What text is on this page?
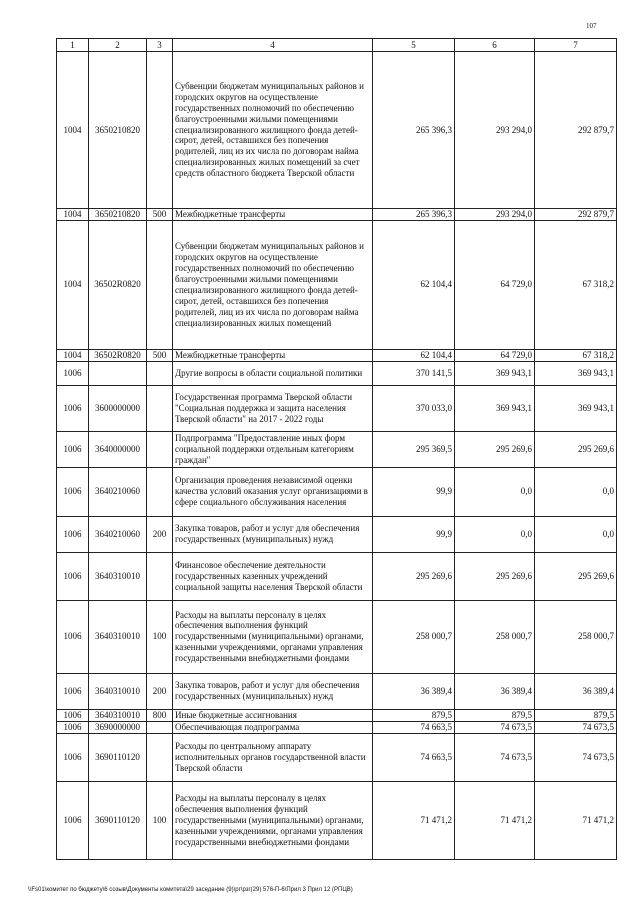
107
1	2	3	4	5	6	7
1004	3650210820		Субвенции бюджетам муниципальных районов и городских округов на осуществление государственных полномочий по обеспечению благоустроенными жилыми помещениями специализированного жилищного фонда детей-сирот, детей, оставшихся без попечения родителей, лиц из их числа по договорам найма специализированных жилых помещений за счет средств областного бюджета Тверской области	265 396,3	293 294,0	292 879,7
1004	3650210820	500	Межбюджетные трансферты	265 396,3	293 294,0	292 879,7
1004	36502R0820		Субвенции бюджетам муниципальных районов и городских округов на осуществление государственных полномочий по обеспечению благоустроенными жилыми помещениями специализированного жилищного фонда детей-сирот, детей, оставшихся без попечения родителей, лиц из их числа по договорам найма специализированных жилых помещений	62 104,4	64 729,0	67 318,2
1004	36502R0820	500	Межбюджетные трансферты	62 104,4	64 729,0	67 318,2
1006			Другие вопросы в области социальной политики	370 141,5	369 943,1	369 943,1
1006	3600000000		Государственная программа Тверской области "Социальная поддержка и защита населения Тверской области" на 2017 - 2022 годы	370 033,0	369 943,1	369 943,1
1006	3640000000		Подпрограмма "Предоставление иных форм социальной поддержки отдельным категориям граждан"	295 369,5	295 269,6	295 269,6
1006	3640210060		Организация проведения независимой оценки качества условий оказания услуг организациями в сфере социального обслуживания населения	99,9	0,0	0,0
1006	3640210060	200	Закупка товаров, работ и услуг для обеспечения государственных (муниципальных) нужд	99,9	0,0	0,0
1006	3640310010		Финансовое обеспечение деятельности государственных казенных учреждений социальной защиты населения Тверской области	295 269,6	295 269,6	295 269,6
1006	3640310010	100	Расходы на выплаты персоналу в целях обеспечения выполнения функций государственными (муниципальными) органами, казенными учреждениями, органами управления государственными внебюджетными фондами	258 000,7	258 000,7	258 000,7
1006	3640310010	200	Закупка товаров, работ и услуг для обеспечения государственных (муниципальных) нужд	36 389,4	36 389,4	36 389,4
1006	3640310010	800	Иные бюджетные ассигнования	879,5	879,5	879,5
1006	3690000000		Обеспечивающая подпрограмма	74 663,5	74 673,5	74 673,5
1006	3690110120		Расходы по центральному аппарату исполнительных органов государственной власти Тверской области	74 663,5	74 673,5	74 673,5
1006	3690110120	100	Расходы на выплаты персоналу в целях обеспечения выполнения функций государственными (муниципальными) органами, казенными учреждениями, органами управления государственными внебюджетными фондами	71 471,2	71 471,2	71 471,2
\\Fs01\комитет по бюджету\6 созыв\Документы комитета\29 заседание (9)\рг\рзг(29) 576-П-6\Прил 3 Прил 12 (РПЦВ)
